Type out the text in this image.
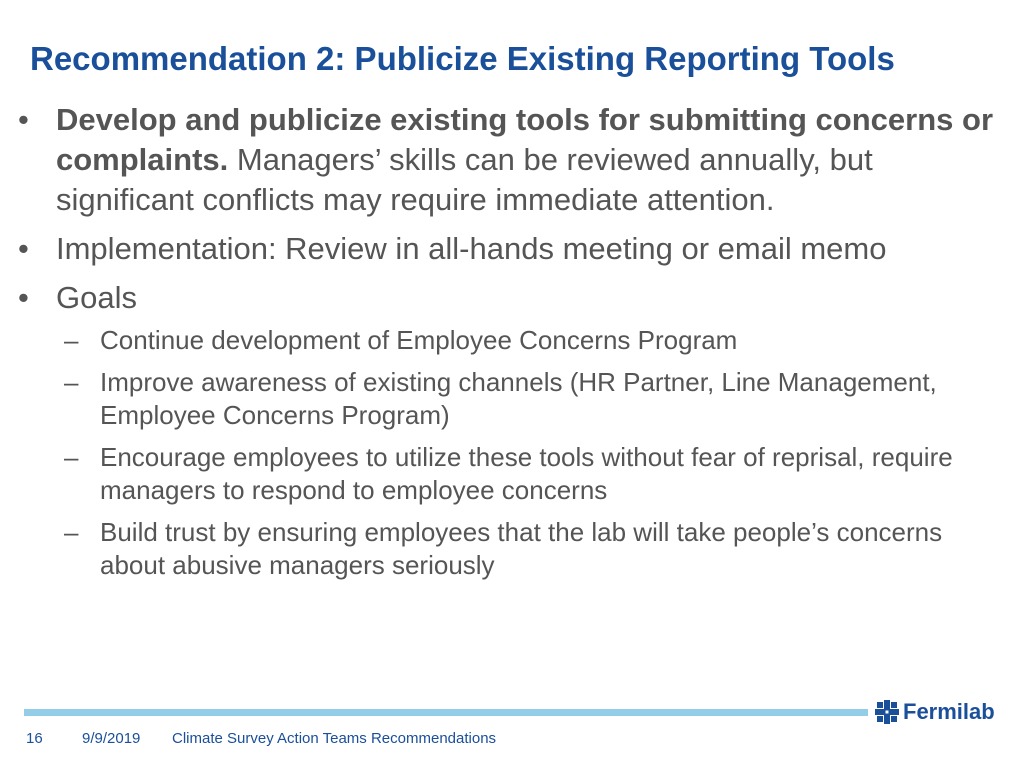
Recommendation 2: Publicize Existing Reporting Tools
• Develop and publicize existing tools for submitting concerns or complaints. Managers’ skills can be reviewed annually, but significant conflicts may require immediate attention.
• Implementation: Review in all-hands meeting or email memo
• Goals
– Continue development of Employee Concerns Program
– Improve awareness of existing channels (HR Partner, Line Management, Employee Concerns Program)
– Encourage employees to utilize these tools without fear of reprisal, require managers to respond to employee concerns
– Build trust by ensuring employees that the lab will take people’s concerns about abusive managers seriously
Fermilab
16	9/9/2019 Climate Survey Action Teams Recommendations
